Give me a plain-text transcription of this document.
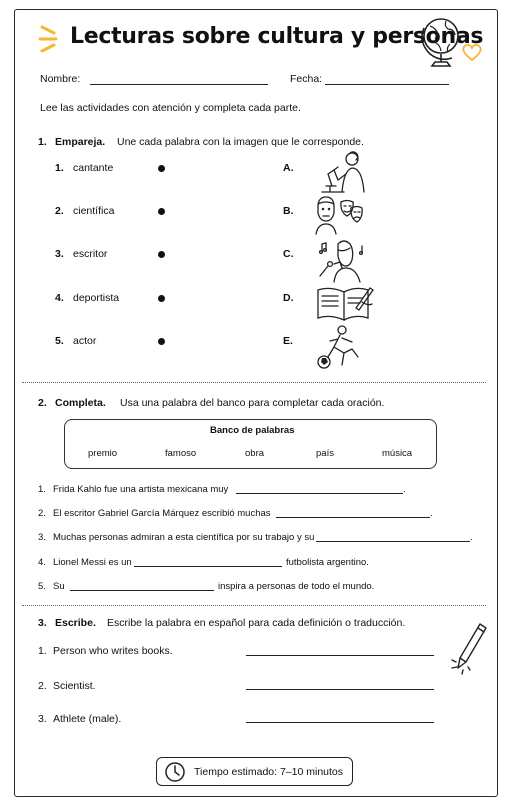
Lecturas sobre cultura y personas
Nombre:	Fecha:
Lee las actividades con atención y completa cada parte.
1. Empareja. Une cada palabra con la imagen que le corresponde.
1. cantante	A.
2. científica	B.
3. escritor	C.
4. deportista	D.
5. actor	E.
2. Completa. Usa una palabra del banco para completar cada oración.
Banco de palabras
premio	famoso	obra	país	música
1. Frida Kahlo fue una artista mexicana muy	.
2. El escritor Gabriel García Márquez escribió muchas	.
3. Muchas personas admiran a esta científica por su trabajo y su	.
4. Lionel Messi es un	futbolista argentino.
5. Su	inspira a personas de todo el mundo.
3. Escribe. Escribe la palabra en español para cada definición o traducción.
1. Person who writes books.
2. Scientist.
3. Athlete (male).
Tiempo estimado: 7–10 minutos
